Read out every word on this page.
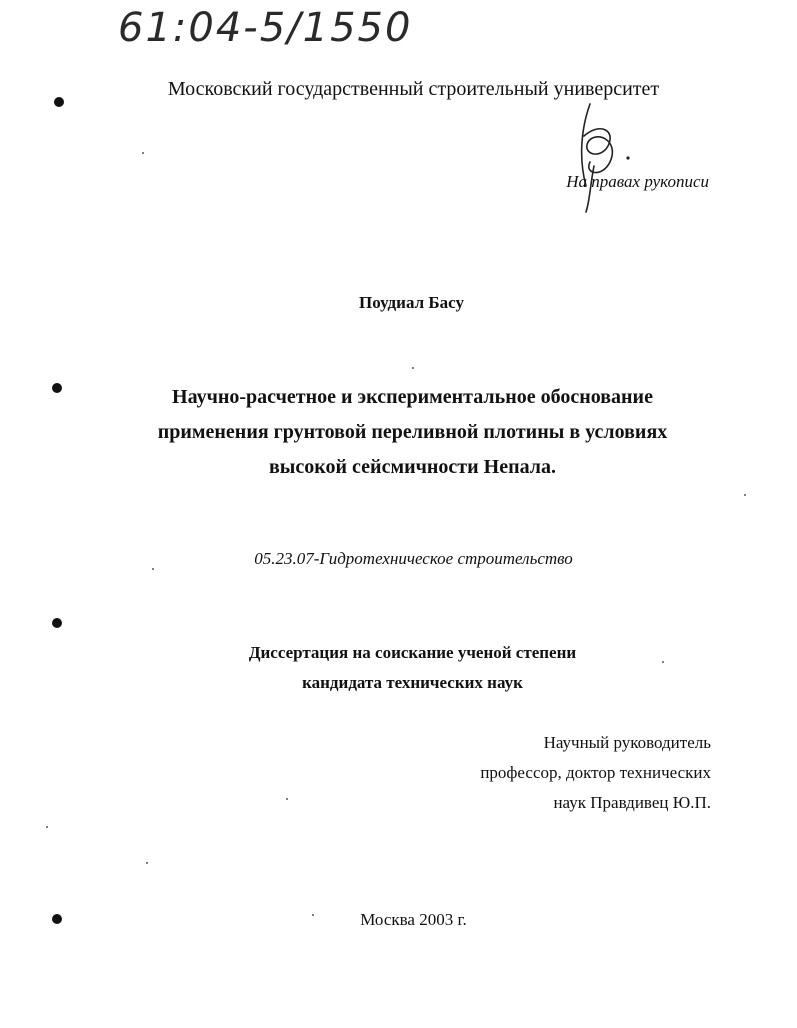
61:04-5/1550
Московский государственный строительный университет
На правах рукописи
Поудиал Басу
Научно-расчетное и экспериментальное обоснование
применения грунтовой переливной плотины в условиях
высокой сейсмичности Непала.
05.23.07-Гидротехническое строительство
Диссертация на соискание ученой степени
кандидата технических наук
Научный руководитель
профессор, доктор технических
наук Правдивец Ю.П.
Москва 2003 г.
